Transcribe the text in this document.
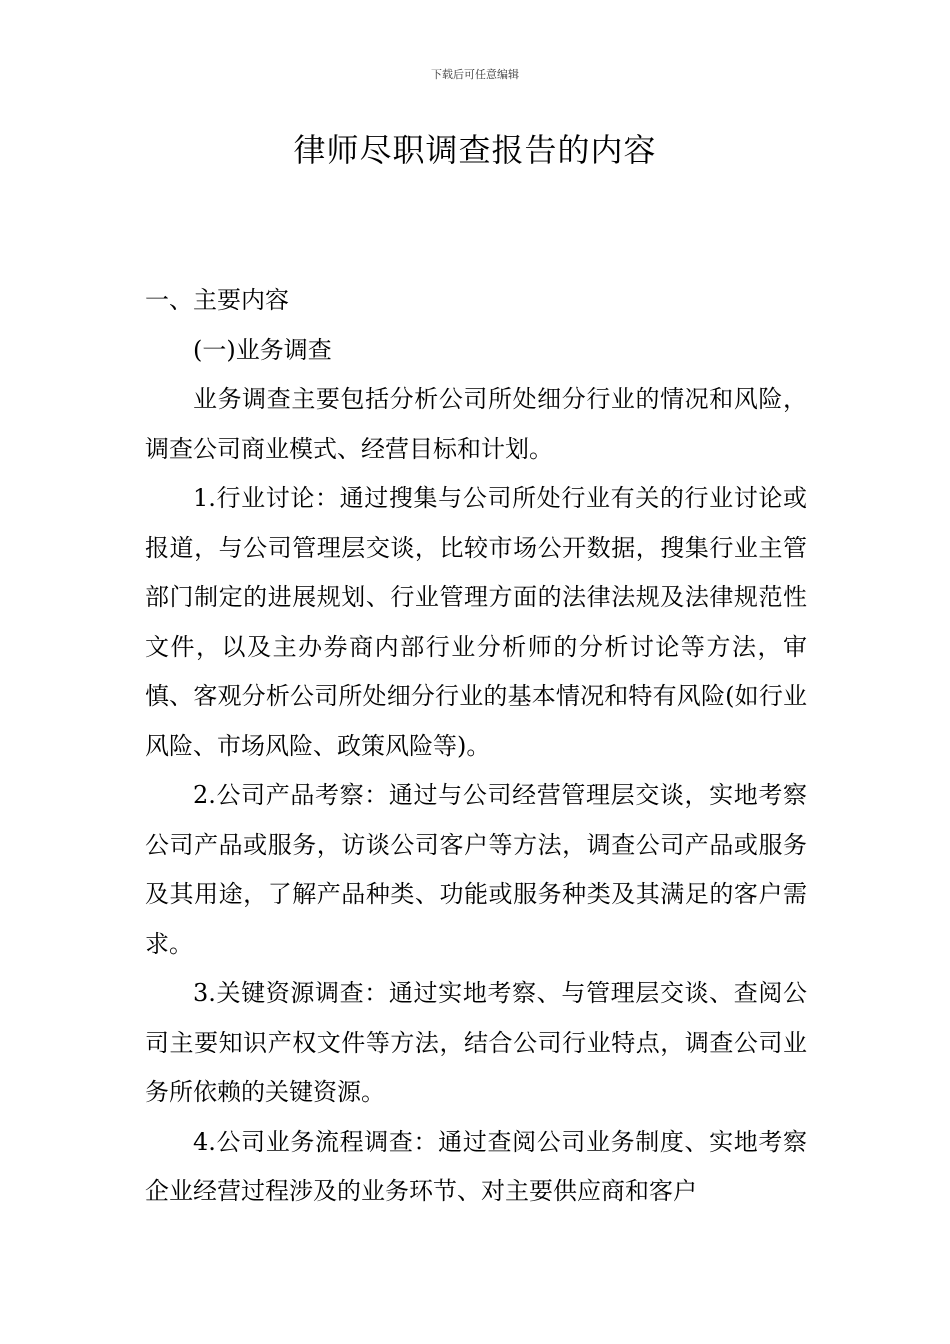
下载后可任意编辑
律师尽职调查报告的内容

一、主要内容

(一)业务调查

业务调查主要包括分析公司所处细分行业的情况和风险，调查公司商业模式、经营目标和计划。

1.行业讨论：通过搜集与公司所处行业有关的行业讨论或报道，与公司管理层交谈，比较市场公开数据，搜集行业主管部门制定的进展规划、行业管理方面的法律法规及法律规范性文件，以及主办券商内部行业分析师的分析讨论等方法，审慎、客观分析公司所处细分行业的基本情况和特有风险(如行业风险、市场风险、政策风险等)。

2.公司产品考察：通过与公司经营管理层交谈，实地考察公司产品或服务，访谈公司客户等方法，调查公司产品或服务及其用途，了解产品种类、功能或服务种类及其满足的客户需求。

3.关键资源调查：通过实地考察、与管理层交谈、查阅公司主要知识产权文件等方法，结合公司行业特点，调查公司业务所依赖的关键资源。

4.公司业务流程调查：通过查阅公司业务制度、实地考察企业经营过程涉及的业务环节、对主要供应商和客户
